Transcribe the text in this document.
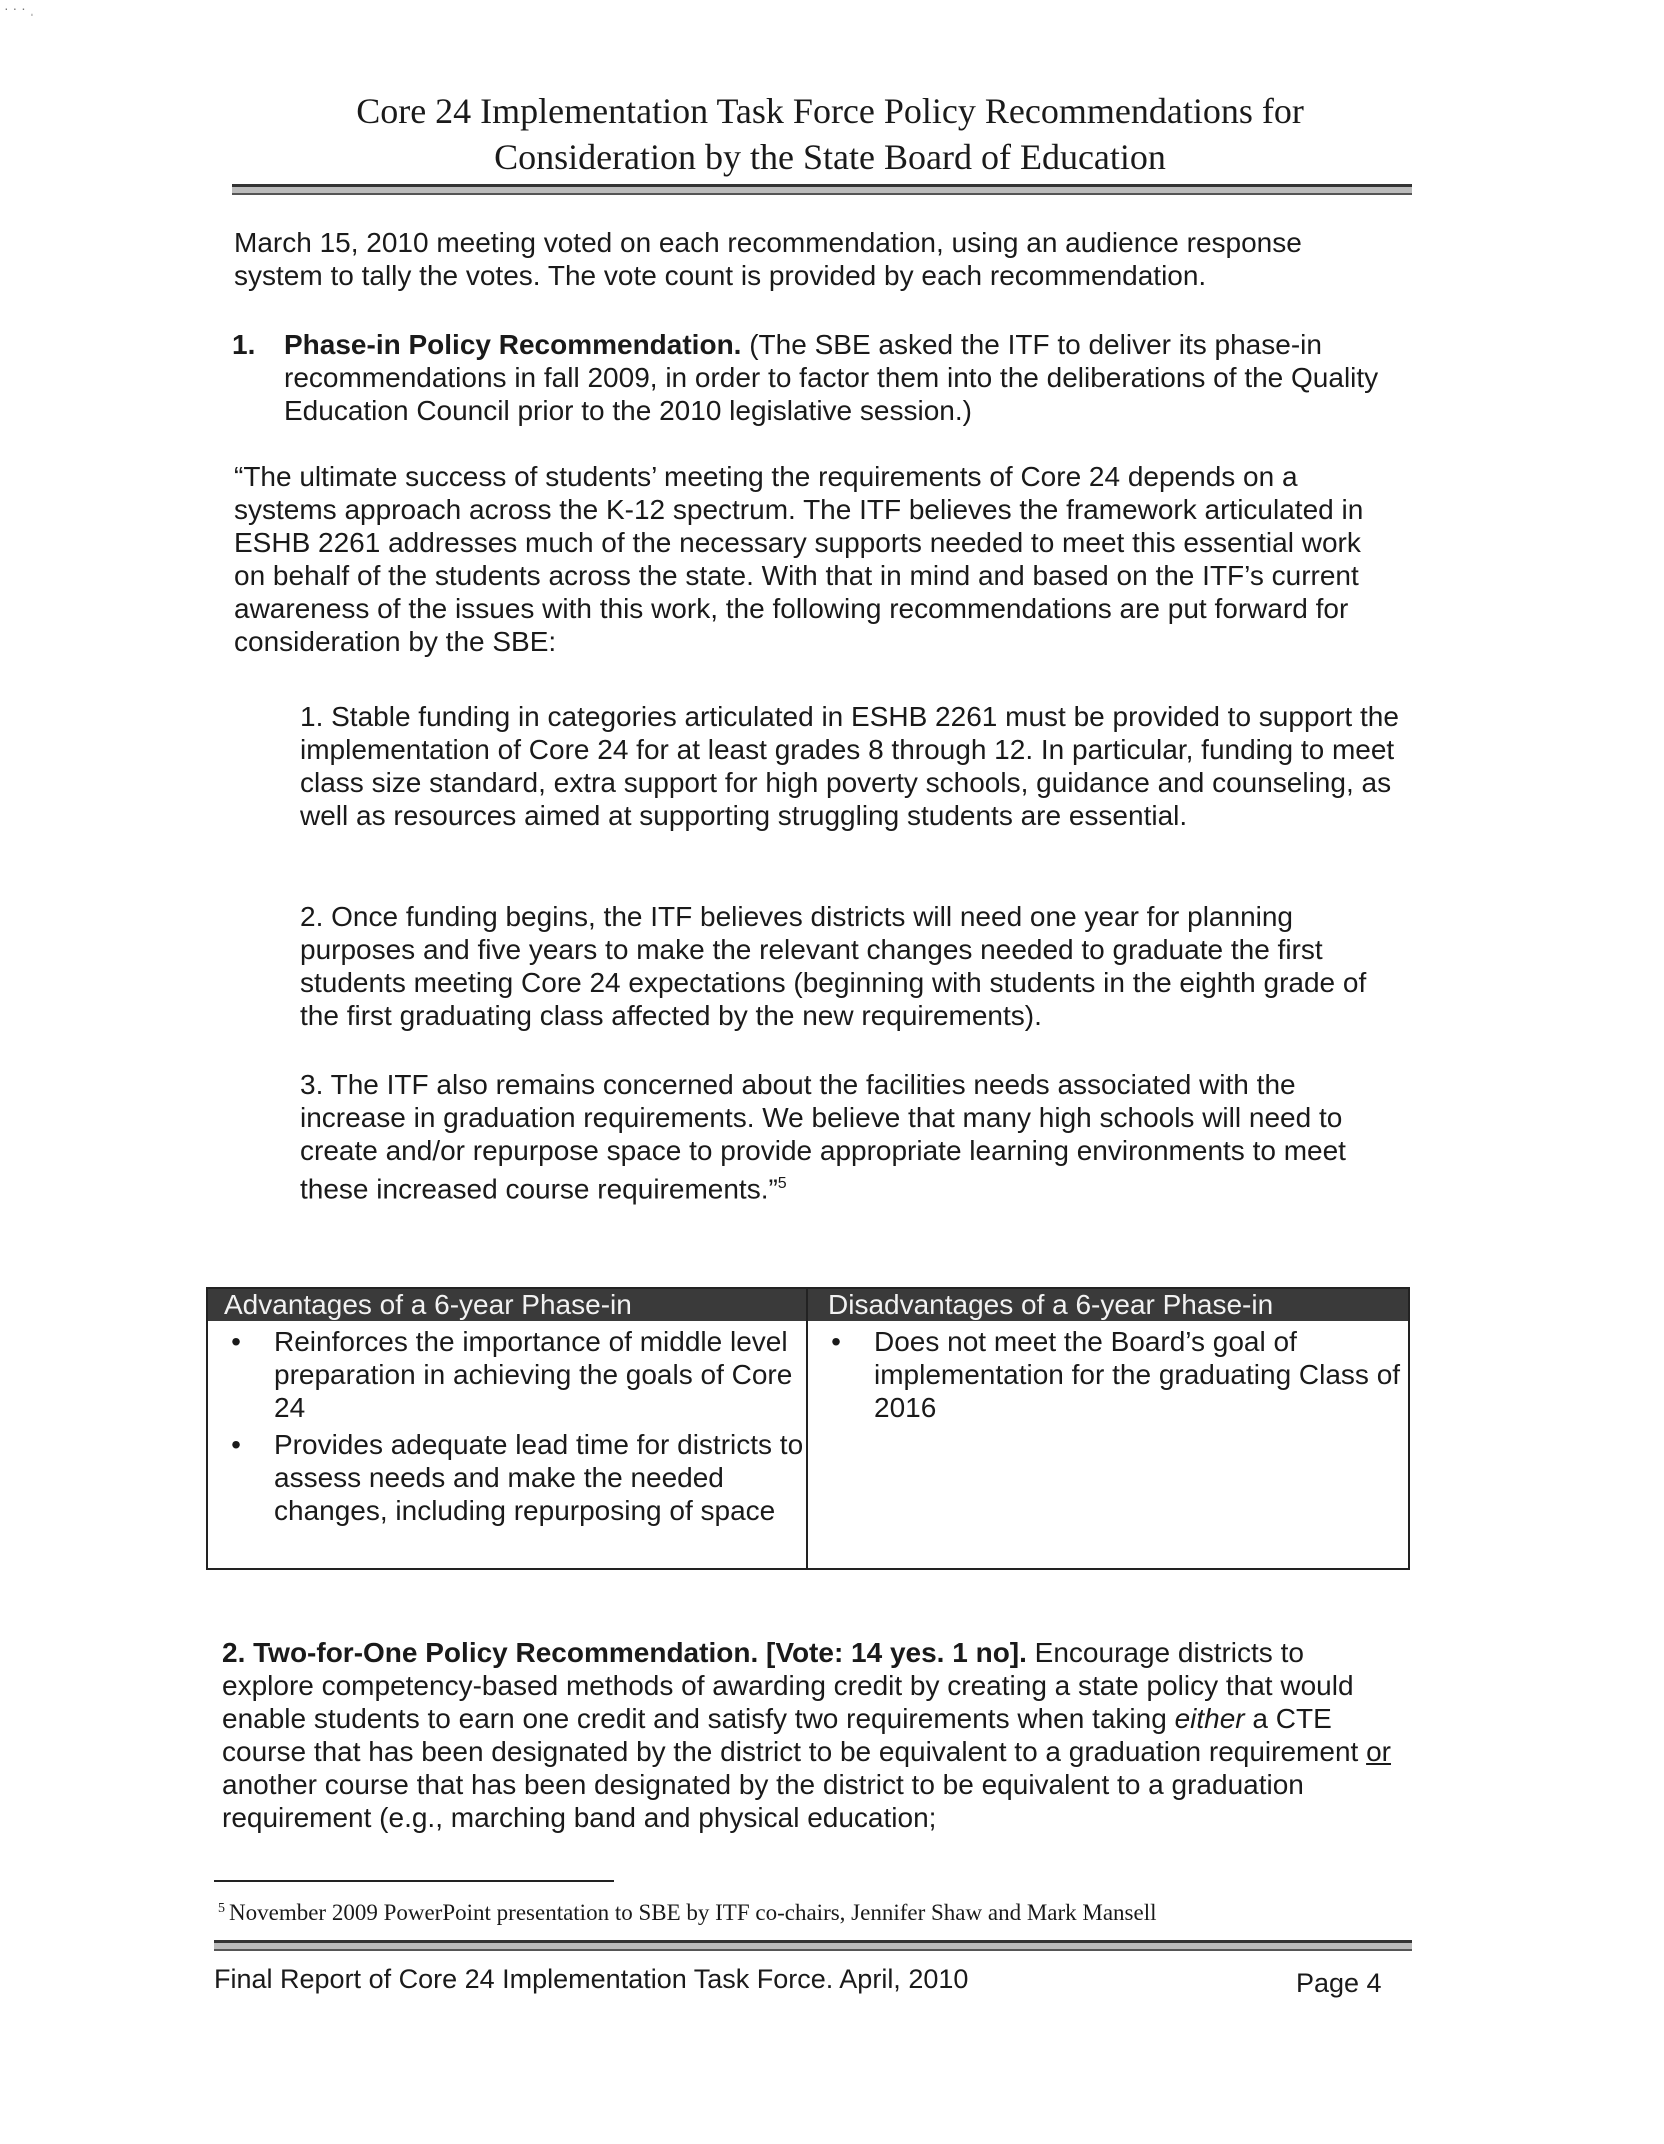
· · · ˌ
Core 24 Implementation Task Force Policy Recommendations for
Consideration by the State Board of Education

March 15, 2010 meeting voted on each recommendation, using an audience response system to tally the votes. The vote count is provided by each recommendation.

1. Phase-in Policy Recommendation. (The SBE asked the ITF to deliver its phase-in recommendations in fall 2009, in order to factor them into the deliberations of the Quality Education Council prior to the 2010 legislative session.)

“The ultimate success of students’ meeting the requirements of Core 24 depends on a systems approach across the K-12 spectrum. The ITF believes the framework articulated in ESHB 2261 addresses much of the necessary supports needed to meet this essential work on behalf of the students across the state. With that in mind and based on the ITF’s current awareness of the issues with this work, the following recommendations are put forward for consideration by the SBE:

1. Stable funding in categories articulated in ESHB 2261 must be provided to support the implementation of Core 24 for at least grades 8 through 12. In particular, funding to meet class size standard, extra support for high poverty schools, guidance and counseling, as well as resources aimed at supporting struggling students are essential.

2. Once funding begins, the ITF believes districts will need one year for planning purposes and five years to make the relevant changes needed to graduate the first students meeting Core 24 expectations (beginning with students in the eighth grade of the first graduating class affected by the new requirements).

3. The ITF also remains concerned about the facilities needs associated with the increase in graduation requirements. We believe that many high schools will need to create and/or repurpose space to provide appropriate learning environments to meet these increased course requirements.”$^5$

Advantages of a 6-year Phase-in	Disadvantages of a 6-year Phase-in
• Reinforces the importance of middle level preparation in achieving the goals of Core 24
• Provides adequate lead time for districts to assess needs and make the needed changes, including repurposing of space
• Does not meet the Board’s goal of implementation for the graduating Class of 2016

2. Two-for-One Policy Recommendation. [Vote: 14 yes. 1 no]. Encourage districts to explore competency-based methods of awarding credit by creating a state policy that would enable students to earn one credit and satisfy two requirements when taking either a CTE course that has been designated by the district to be equivalent to a graduation requirement or another course that has been designated by the district to be equivalent to a graduation requirement (e.g., marching band and physical education;

$^5$ November 2009 PowerPoint presentation to SBE by ITF co-chairs, Jennifer Shaw and Mark Mansell
Final Report of Core 24 Implementation Task Force. April, 2010	Page 4
